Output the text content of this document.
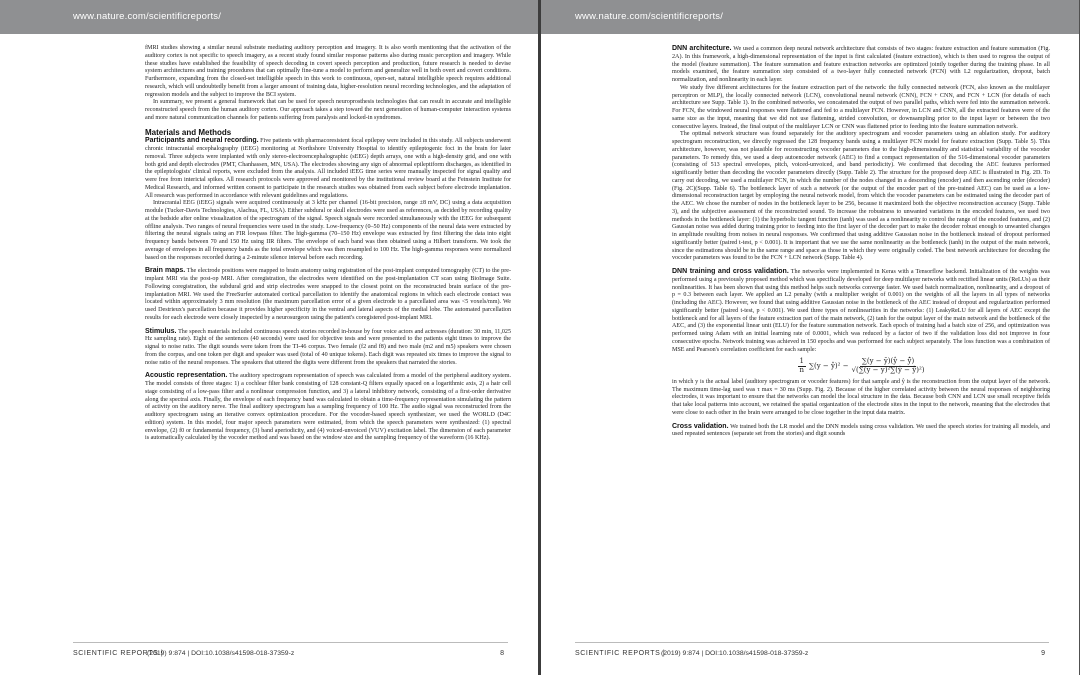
www.nature.com/scientificreports/

fMRI studies showing a similar neural substrate mediating auditory perception and imagery. It is also worth mentioning that the activation of the auditory cortex is not specific to speech imagery, as a recent study found similar response patterns also during music perception and imagery. While these studies have established the feasibility of speech decoding in covert speech perception and production, future research is needed to devise system architectures and training procedures that can optimally fine-tune a model to perform and generalize well in both overt and covert conditions. Furthermore, expanding from the closed-set intelligible speech in this work to continuous, open-set, natural intelligible speech requires additional research, which will undoubtedly benefit from a larger amount of training data, higher-resolution neural recording technologies, and the adaptation of regression models and the subject to improve the BCI system.

In summary, we present a general framework that can be used for speech neuroprosthesis technologies that can result in accurate and intelligible reconstructed speech from the human auditory cortex. Our approach takes a step toward the next generation of human-computer interaction systems and more natural communication channels for patients suffering from paralysis and locked-in syndromes.

Materials and Methods

Participants and neural recording. Five patients with pharmacoresistent focal epilepsy were included in this study. All subjects underwent chronic intracranial encephalography (iEEG) monitoring at Northshore University Hospital to identify epileptogenic foci in the brain for later removal. Three subjects were implanted with only stereo-electroencephalographic (sEEG) depth arrays, one with a high-density grid, and one with both grid and depth electrodes (PMT, Chanhassen, MN, USA). The electrodes showing any sign of abnormal epileptiform discharges, as identified in the epileptologists' clinical reports, were excluded from the analysis. All included iEEG time series were manually inspected for signal quality and were free from interictal spikes. All research protocols were approved and monitored by the institutional review board at the Feinstein Institute for Medical Research, and informed written consent to participate in the research studies was obtained from each subject before electrode implantation. All research was performed in accordance with relevant guidelines and regulations.

Intracranial EEG (iEEG) signals were acquired continuously at 3 kHz per channel (16-bit precision, range ±8 mV, DC) using a data acquisition module (Tucker-Davis Technologies, Alachua, FL, USA). Either subdural or skull electrodes were used as references, as decided by recording quality at the bedside after online visualization of the spectrogram of the signal. Speech signals were recorded simultaneously with the iEEG for subsequent offline analysis. Two ranges of neural frequencies were used in the study. Low-frequency (0–50 Hz) components of the neural data were extracted by filtering the neural signals using an FIR lowpass filter. The high-gamma (70–150 Hz) envelope was extracted by first filtering the data into eight frequency bands between 70 and 150 Hz using IIR filters. The envelope of each band was then obtained using a Hilbert transform. We took the average of envelopes in all frequency bands as the total envelope which was then resampled to 100 Hz. The high-gamma responses were normalized based on the responses recorded during a 2-minute silence interval before each recording.

Brain maps. The electrode positions were mapped to brain anatomy using registration of the post-implant computed tomography (CT) to the pre-implant MRI via the post-op MRI. After coregistration, the electrodes were identified on the post-implantation CT scan using BioImage Suite. Following coregistration, the subdural grid and strip electrodes were snapped to the closest point on the reconstructed brain surface of the pre-implantation MRI. We used the FreeSurfer automated cortical parcellation to identify the anatomical regions in which each electrode contact was located within approximately 3 mm resolution (the maximum parcellation error of a given electrode to a parcellated area was <5 voxels/mm). We used Destrieux's parcellation because it provides higher specificity in the ventral and lateral aspects of the medial lobe. The automated parcellation results for each electrode were closely inspected by a neurosurgeon using the patient's coregistered post-implant MRI.

Stimulus. The speech materials included continuous speech stories recorded in-house by four voice actors and actresses (duration: 30 min, 11,025 Hz sampling rate). Eight of the sentences (40 seconds) were used for objective tests and were presented to the patients eight times to improve the signal to noise ratio. The digit sounds were taken from the TI-46 corpus. Two female (f2 and f8) and two male (m2 and m5) speakers were chosen from the corpus, and one token per digit and speaker was used (total of 40 unique tokens). Each digit was repeated six times to improve the signal to noise ratio of the neural responses. The speakers that uttered the digits were different from the speakers that narrated the stories.

Acoustic representation. The auditory spectrogram representation of speech was calculated from a model of the peripheral auditory system. The model consists of three stages: 1) a cochlear filter bank consisting of 128 constant-Q filters equally spaced on a logarithmic axis, 2) a hair cell stage consisting of a low-pass filter and a nonlinear compression function, and 3) a lateral inhibitory network, consisting of a first-order derivative along the spectral axis. Finally, the envelope of each frequency band was calculated to obtain a time-frequency representation simulating the pattern of activity on the auditory nerve. The final auditory spectrogram has a sampling frequency of 100 Hz. The audio signal was reconstructed from the auditory spectrogram using an iterative convex optimization procedure. For the vocoder-based speech synthesizer, we used the WORLD (D4C edition) system. In this model, four major speech parameters were estimated, from which the speech parameters were synthesized: (1) spectral envelope, (2) f0 or fundamental frequency, (3) band aperiodicity, and (4) voiced-unvoiced (VUV) excitation label. The dimension of each parameter is automatically calculated by the vocoder method and was based on the window size and the sampling frequency of the waveform (16 KHz).

SCIENTIFIC REPORTS |
(2019) 9:874 | DOI:10.1038/s41598-018-37359-z	8
www.nature.com/scientificreports/

DNN architecture. We used a common deep neural network architecture that consists of two stages: feature extraction and feature summation (Fig. 2A). In this framework, a high-dimensional representation of the input is first calculated (feature extraction), which is then used to regress the output of the model (feature summation). The feature summation and feature extraction networks are optimized jointly together during the training phase. In all models examined, the feature summation step consisted of a two-layer fully connected network (FCN) with L2 regularization, dropout, batch normalization, and nonlinearity in each layer.

We study five different architectures for the feature extraction part of the network: the fully connected network (FCN, also known as the multilayer perceptron or MLP), the locally connected network (LCN), convolutional neural network (CNN), FCN + CNN, and FCN + LCN (for details of each architecture see Supp. Table 1). In the combined networks, we concatenated the output of two parallel paths, which were fed into the summation network. For FCN, the windowed neural responses were flattened and fed to a multilayer FCN. However, in LCN and CNN, all the extracted features were of the same size as the input, meaning that we did not use flattening, strided convolution, or downsampling prior to the input layer or between the two consecutive layers. Instead, the final output of the multilayer LCN or CNN was flattened prior to feeding into the feature summation network.

The optimal network structure was found separately for the auditory spectrogram and vocoder parameters using an ablation study. For auditory spectrogram reconstruction, we directly regressed the 128 frequency bands using a multilayer FCN model for feature extraction (Supp. Table 5). This architecture, however, was not plausible for reconstructing vocoder parameters due to the high-dimensionality and statistical variability of the vocoder parameters. To remedy this, we used a deep autoencoder network (AEC) to find a compact representation of the 516-dimensional vocoder parameters (consisting of 513 spectral envelopes, pitch, voiced-unvoiced, and band periodicity). We confirmed that decoding the AEC features performed significantly better than decoding the vocoder parameters directly (Supp. Table 2). The structure for the proposed deep AEC is illustrated in Fig. 2D. To carry out decoding, we used a multilayer FCN, in which the number of the nodes changed in a descending (encoder) and then ascending order (decoder) (Fig. 2C)(Supp. Table 6). The bottleneck layer of such a network (or the output of the encoder part of the pre-trained AEC) can be used as a low-dimensional reconstruction target by employing the neural network model, from which the vocoder parameters can be estimated using the decoder part of the AEC. We chose the number of nodes in the bottleneck layer to be 256, because it maximized both the objective reconstruction accuracy (Supp. Table 3), and the subjective assessment of the reconstructed sound. To increase the robustness to unwanted variations in the encoded features, we used two methods in the bottleneck layer: (1) the hyperbolic tangent function (tanh) was used as a nonlinearity to control the range of the encoded features, and (2) Gaussian noise was added during training prior to feeding into the first layer of the decoder part to make the decoder robust enough to unwanted changes in amplitude resulting from noises in neural responses. We confirmed that using additive Gaussian noise in the bottleneck instead of dropout performed significantly better (paired t-test, p < 0.001). It is important that we use the same nonlinearity as the bottleneck (tanh) in the output of the main network, since the estimations should be in the same range and space as those in which they were originally coded. The best network architecture for decoding the vocoder parameters was found to be the FCN + LCN network (Supp. Table 4).

DNN training and cross validation. The networks were implemented in Keras with a Tensorflow backend. Initialization of the weights was performed using a previously proposed method which was specifically developed for deep multilayer networks with rectified linear units (ReLUs) as their nonlinearities. It has been shown that using this method helps such networks converge faster. We used batch normalization, nonlinearity, and a dropout of p = 0.3 between each layer. We applied an L2 penalty (with a multiplier weight of 0.001) on the weights of all the layers in all types of networks (including the AEC). However, we found that using additive Gaussian noise in the bottleneck of the AEC instead of dropout and regularization performed significantly better (paired t-test, p < 0.001). We used three types of nonlinearities in the networks: (1) LeakyReLU for all layers of AEC except the bottleneck and for all layers of the feature extraction part of the main network, (2) tanh for the output layer of the main network and the bottleneck of the AEC, and (3) the exponential linear unit (ELU) for the feature summation network. Each epoch of training had a batch size of 256, and optimization was performed using Adam with an initial learning rate of 0.0001, which was reduced by a factor of two if the validation loss did not improve in four consecutive epochs. Network training was achieved in 150 epochs and was performed for each subject separately. The loss function was a combination of MSE and Pearson's correlation coefficient for each sample:

$\frac{1}{n} \sum(y$ − ŷ)² − $\frac{\sum(y - ȳ)(ŷ - ŷ̄)}{\text{√(∑(y − ȳ)²∑(ŷ − ŷ̄)²)}}$

in which y is the actual label (auditory spectrogram or vocoder features) for that sample and ŷ is the reconstruction from the output layer of the network. The maximum time-lag used was τ max = 30 ms (Supp. Fig. 2). Because of the higher correlated activity between the neural responses of neighboring electrodes, it was important to ensure that the networks can model the local structure in the data. Because both CNN and LCN use small receptive fields that take local patterns into account, we retained the spatial organization of the electrode sites in the input to the network, meaning that the electrodes that were close to each other in the brain were arranged to be close together in the input data matrix.

Cross validation. We trained both the LR model and the DNN models using cross validation. We used the speech stories for training all models, and used repeated sentences (separate set from the stories) and digit sounds

SCIENTIFIC REPORTS |
(2019) 9:874 | DOI:10.1038/s41598-018-37359-z	9
